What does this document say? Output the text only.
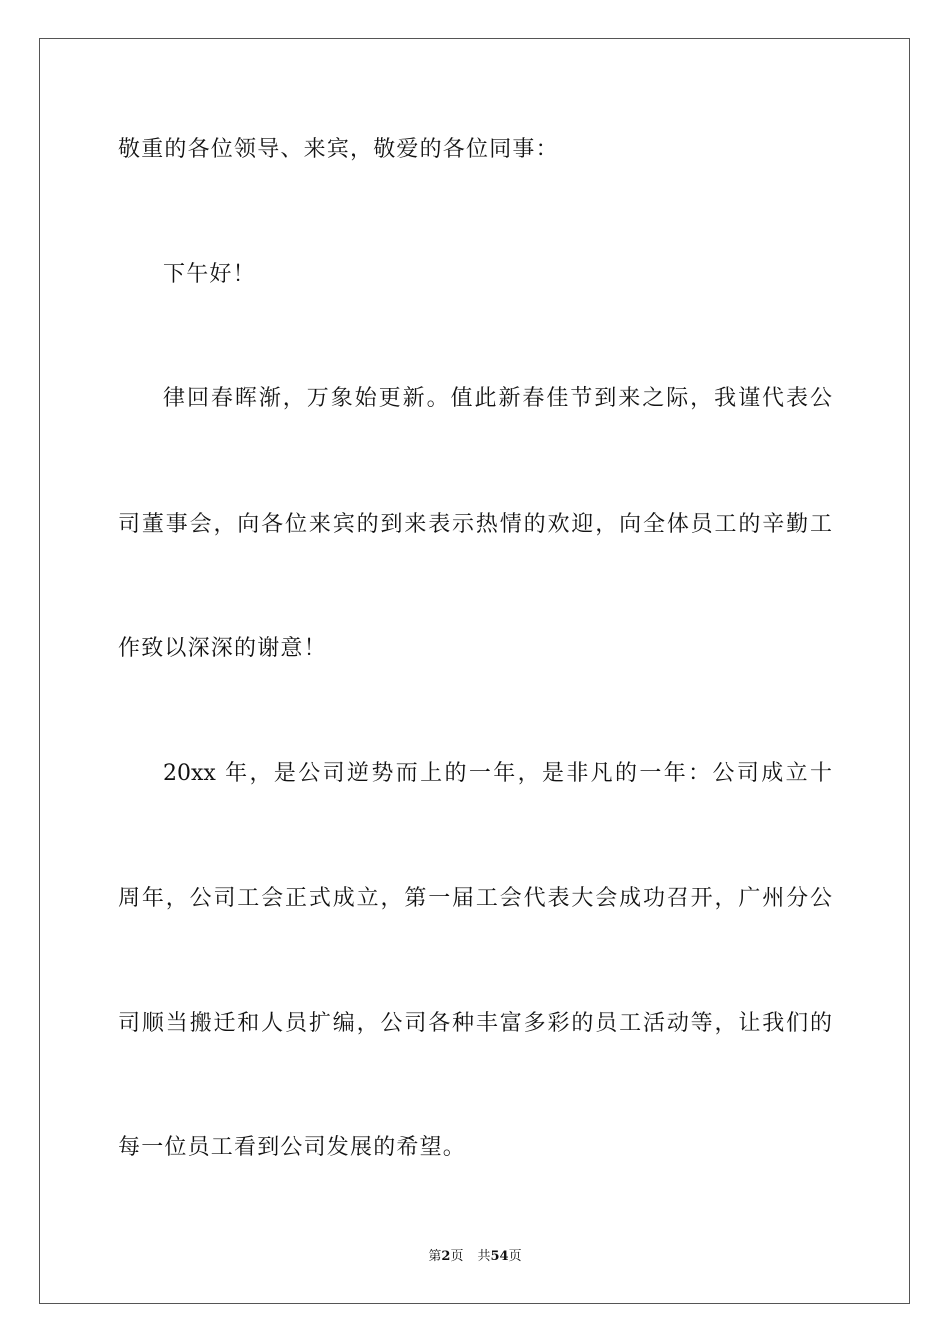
敬重的各位领导、来宾，敬爱的各位同事：
下午好！
律回春晖渐，万象始更新。值此新春佳节到来之际，我谨代表公
司董事会，向各位来宾的到来表示热情的欢迎，向全体员工的辛勤工
作致以深深的谢意！
20xx 年，是公司逆势而上的一年，是非凡的一年：公司成立十
周年，公司工会正式成立，第一届工会代表大会成功召开，广州分公
司顺当搬迁和人员扩编，公司各种丰富多彩的员工活动等，让我们的
每一位员工看到公司发展的希望。
第2页 共54页
